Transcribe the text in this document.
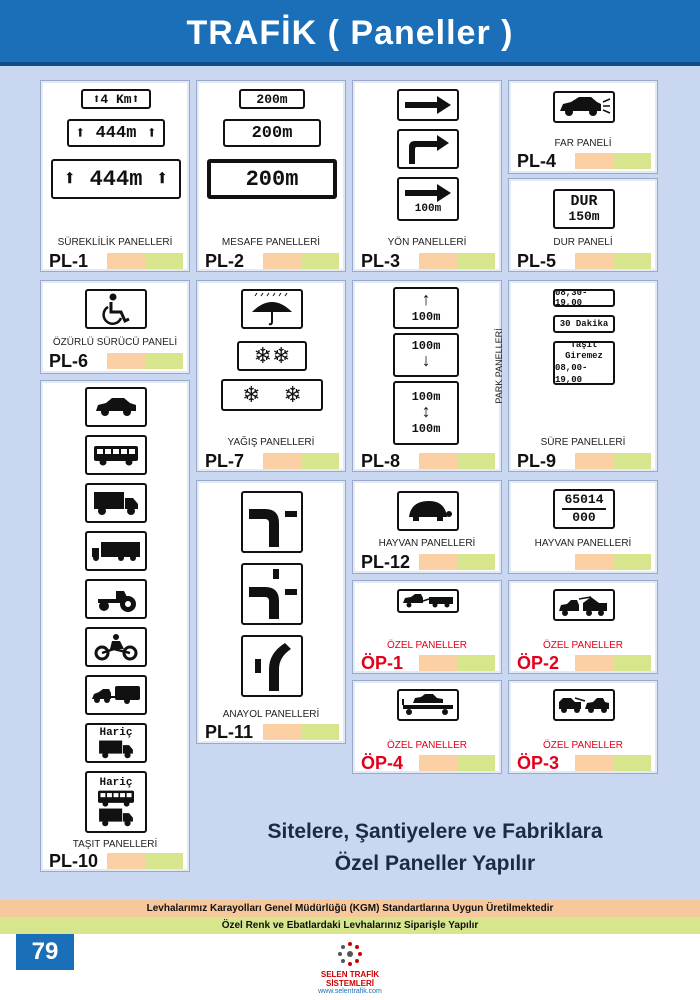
TRAFİK ( Paneller )
⬆ 4 Km ⬆
⬆
444m
⬆
⬆
444m
⬆
SÜREKLİLİK PANELLERİ
PL-1
200m
200m
200m
MESAFE PANELLERİ
PL-2
100m
YÖN PANELLERİ
PL-3
FAR PANELİ
PL-4
DUR
150m
DUR PANELİ
PL-5
ÖZÜRLÜ SÜRÜCÜ PANELİ
PL-6	❄❄
❄   ❄
YAĞIŞ PANELLERİ
PL-7
↑
100m
100m
↓
100m
↕
100m
PARK PANELLERİ
PL-8
08,30-19,00
30 Dakika
Taşıt
Giremez
08,00-19,00
SÜRE PANELLERİ
PL-9
Hariç
Hariç
TAŞIT PANELLERİ
PL-10
ANAYOL PANELLERİ
PL-11
HAYVAN PANELLERİ
PL-12
65014
000
HAYVAN PANELLERİ
ÖZEL PANELLER
ÖP-1
ÖZEL PANELLER
ÖP-2
ÖZEL PANELLER
ÖP-4
ÖZEL PANELLER
ÖP-3
Sitelere, Şantiyelere ve Fabriklara
Özel Paneller Yapılır
Levhalarımız Karayolları Genel Müdürlüğü (KGM) Standartlarına Uygun Üretilmektedir
Özel Renk ve Ebatlardaki Levhalarınız Siparişle Yapılır
79
SELEN TRAFİK SİSTEMLERİ
www.selentrafik.com
